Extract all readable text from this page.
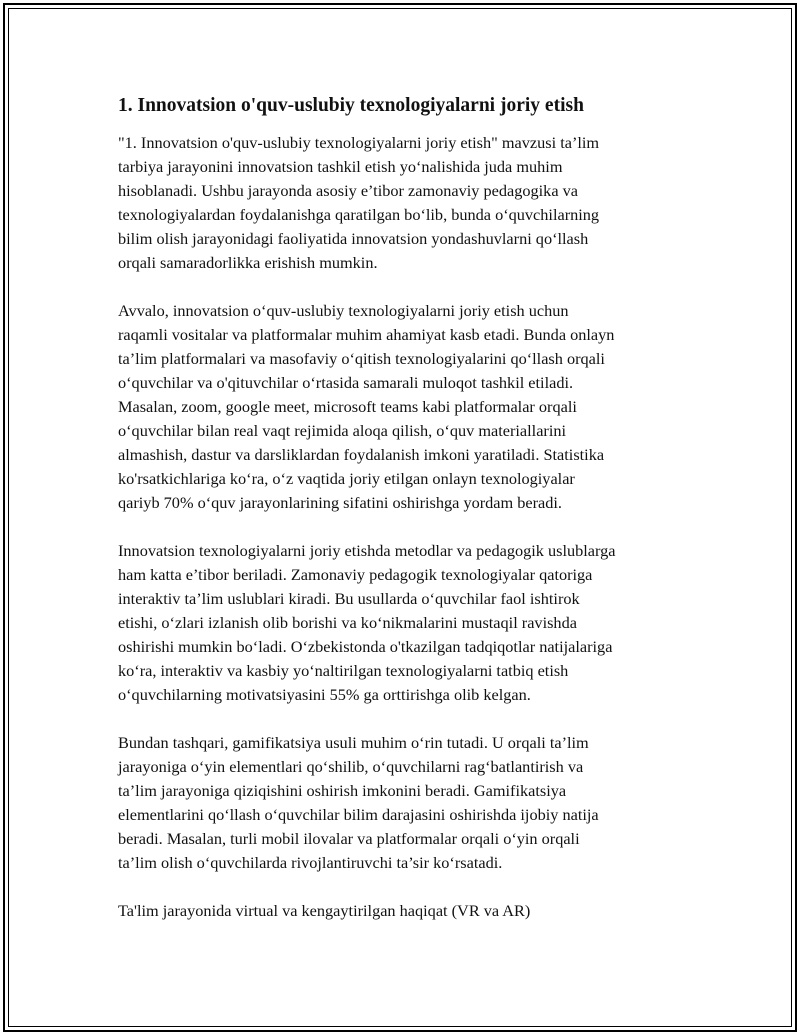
1. Innovatsion o'quv-uslubiy texnologiyalarni joriy etish

"1. Innovatsion o'quv-uslubiy texnologiyalarni joriy etish" mavzusi ta’lim
tarbiya jarayonini innovatsion tashkil etish yo‘nalishida juda muhim
hisoblanadi. Ushbu jarayonda asosiy e’tibor zamonaviy pedagogika va
texnologiyalardan foydalanishga qaratilgan bo‘lib, bunda o‘quvchilarning
bilim olish jarayonidagi faoliyatida innovatsion yondashuvlarni qo‘llash
orqali samaradorlikka erishish mumkin.

Avvalo, innovatsion o‘quv-uslubiy texnologiyalarni joriy etish uchun
raqamli vositalar va platformalar muhim ahamiyat kasb etadi. Bunda onlayn
ta’lim platformalari va masofaviy o‘qitish texnologiyalarini qo‘llash orqali
o‘quvchilar va o'qituvchilar o‘rtasida samarali muloqot tashkil etiladi.
Masalan, zoom, google meet, microsoft teams kabi platformalar orqali
o‘quvchilar bilan real vaqt rejimida aloqa qilish, o‘quv materiallarini
almashish, dastur va darsliklardan foydalanish imkoni yaratiladi. Statistika
ko'rsatkichlariga ko‘ra, o‘z vaqtida joriy etilgan onlayn texnologiyalar
qariyb 70% o‘quv jarayonlarining sifatini oshirishga yordam beradi.

Innovatsion texnologiyalarni joriy etishda metodlar va pedagogik uslublarga
ham katta e’tibor beriladi. Zamonaviy pedagogik texnologiyalar qatoriga
interaktiv ta’lim uslublari kiradi. Bu usullarda o‘quvchilar faol ishtirok
etishi, o‘zlari izlanish olib borishi va ko‘nikmalarini mustaqil ravishda
oshirishi mumkin bo‘ladi. O‘zbekistonda o'tkazilgan tadqiqotlar natijalariga
ko‘ra, interaktiv va kasbiy yo‘naltirilgan texnologiyalarni tatbiq etish
o‘quvchilarning motivatsiyasini 55% ga orttirishga olib kelgan.

Bundan tashqari, gamifikatsiya usuli muhim o‘rin tutadi. U orqali ta’lim
jarayoniga o‘yin elementlari qo‘shilib, o‘quvchilarni rag‘batlantirish va
ta’lim jarayoniga qiziqishini oshirish imkonini beradi. Gamifikatsiya
elementlarini qo‘llash o‘quvchilar bilim darajasini oshirishda ijobiy natija
beradi. Masalan, turli mobil ilovalar va platformalar orqali o‘yin orqali
ta’lim olish o‘quvchilarda rivojlantiruvchi ta’sir ko‘rsatadi.

Ta'lim jarayonida virtual va kengaytirilgan haqiqat (VR va AR)
